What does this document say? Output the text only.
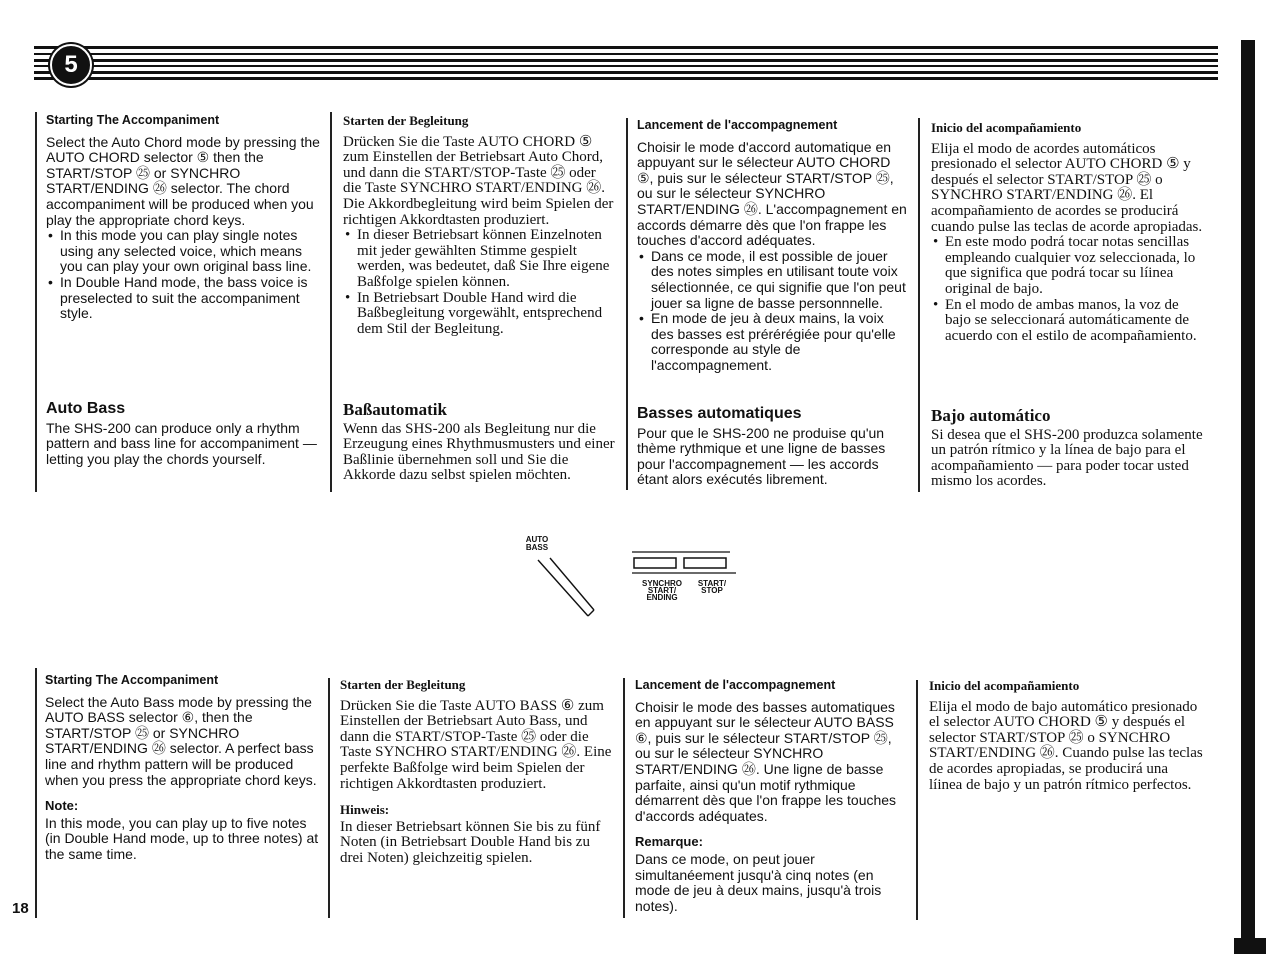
5
Starting The Accompaniment

Select the Auto Chord mode by pressing the AUTO CHORD selector ⑤ then the START/STOP ㉕ or SYNCHRO START/ENDING ㉖ selector. The chord accompaniment will be produced when you play the appropriate chord keys.

• In this mode you can play single notes using any selected voice, which means you can play your own original bass line.
• In Double Hand mode, the bass voice is preselected to suit the accompaniment style.
Starten der Begleitung

Drücken Sie die Taste AUTO CHORD ⑤ zum Einstellen der Betriebsart Auto Chord, und dann die START/STOP-Taste ㉕ oder die Taste SYNCHRO START/ENDING ㉖. Die Akkordbegleitung wird beim Spielen der richtigen Akkordtasten produziert.

• In dieser Betriebsart können Einzelnoten mit jeder gewählten Stimme gespielt werden, was bedeutet, daß Sie Ihre eigene Baßfolge spielen können.
• In Betriebsart Double Hand wird die Baßbegleitung vorgewählt, entsprechend dem Stil der Begleitung.
Lancement de l'accompagnement

Choisir le mode d'accord automatique en appuyant sur le sélecteur AUTO CHORD ⑤, puis sur le sélecteur START/STOP ㉕, ou sur le sélecteur SYNCHRO START/ENDING ㉖. L'accompagnement en accords démarre dès que l'on frappe les touches d'accord adéquates.

• Dans ce mode, il est possible de jouer des notes simples en utilisant toute voix sélectionnée, ce qui signifie que l'on peut jouer sa ligne de basse personnnelle.
• En mode de jeu à deux mains, la voix des basses est prérérégiée pour qu'elle corresponde au style de l'accompagnement.
Inicio del acompañamiento

Elija el modo de acordes automáticos presionado el selector AUTO CHORD ⑤ y después el selector START/STOP ㉕ o SYNCHRO START/ENDING ㉖. El acompañamiento de acordes se producirá cuando pulse las teclas de acorde apropiadas.

• En este modo podrá tocar notas sencillas empleando cualquier voz seleccionada, lo que significa que podrá tocar su líinea original de bajo.
• En el modo de ambas manos, la voz de bajo se seleccionará automáticamente de acuerdo con el estilo de acompañamiento.
Auto Bass

The SHS-200 can produce only a rhythm pattern and bass line for accompaniment — letting you play the chords yourself.

Baßautomatik

Wenn das SHS-200 als Begleitung nur die Erzeugung eines Rhythmusmusters und einer Baßlinie übernehmen soll und Sie die Akkorde dazu selbst spielen möchten.

Basses automatiques

Pour que le SHS-200 ne produise qu'un thème rythmique et une ligne de basses pour l'accompagnement — les accords étant alors exécutés librement.

Bajo automático

Si desea que el SHS-200 produzca solamente un patrón rítmico y la línea de bajo para el acompañamiento — para poder tocar usted mismo los acordes.

AUTO
BASS
SYNCHRO
START/
ENDING
START/
STOP
Starting The Accompaniment

Select the Auto Bass mode by pressing the AUTO BASS selector ⑥, then the START/STOP ㉕ or SYNCHRO START/ENDING ㉖ selector. A perfect bass line and rhythm pattern will be produced when you press the appropriate chord keys.

Note:

In this mode, you can play up to five notes (in Double Hand mode, up to three notes) at the same time.

Starten der Begleitung

Drücken Sie die Taste AUTO BASS ⑥ zum Einstellen der Betriebsart Auto Bass, und dann die START/STOP-Taste ㉕ oder die Taste SYNCHRO START/ENDING ㉖. Eine perfekte Baßfolge wird beim Spielen der richtigen Akkordtasten produziert.

Hinweis:

In dieser Betriebsart können Sie bis zu fünf Noten (in Betriebsart Double Hand bis zu drei Noten) gleichzeitig spielen.

Lancement de l'accompagnement

Choisir le mode des basses automatiques en appuyant sur le sélecteur AUTO BASS ⑥, puis sur le sélecteur START/STOP ㉕, ou sur le sélecteur SYNCHRO START/ENDING ㉖. Une ligne de basse parfaite, ainsi qu'un motif rythmique démarrent dès que l'on frappe les touches d'accords adéquates.

Remarque:

Dans ce mode, on peut jouer simultanéement jusqu'à cinq notes (en mode de jeu à deux mains, jusqu'à trois notes).

Inicio del acompañamiento

Elija el modo de bajo automático presionado el selector AUTO CHORD ⑤ y después el selector START/STOP ㉕ o SYNCHRO START/ENDING ㉖. Cuando pulse las teclas de acordes apropiadas, se producirá una líinea de bajo y un patrón rítmico perfectos.

18
